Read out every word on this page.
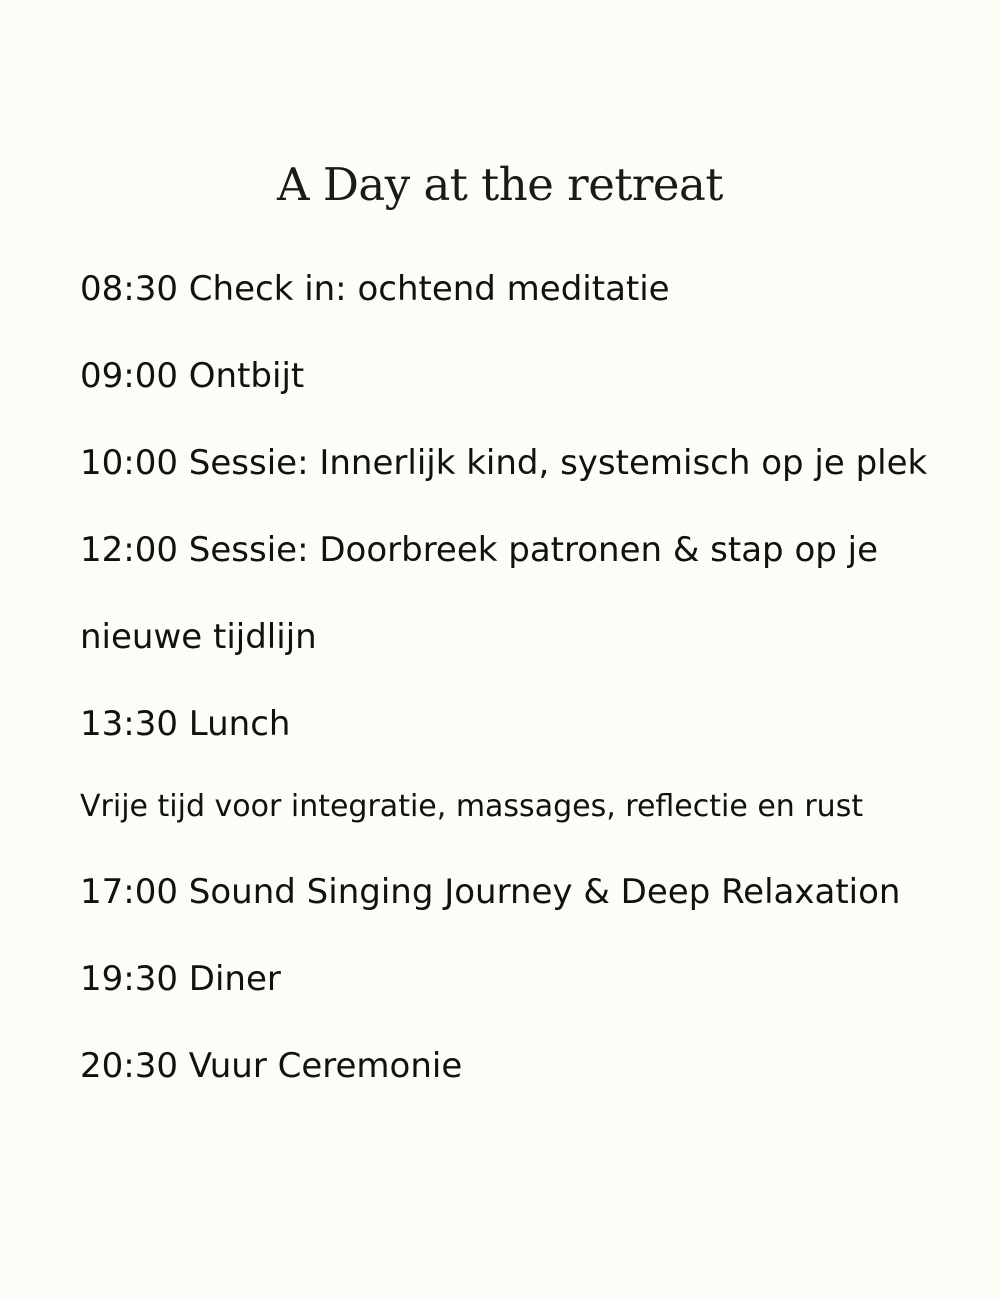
A Day at the retreat
08:30 Check in: ochtend meditatie
09:00 Ontbijt
10:00 Sessie: Innerlijk kind, systemisch op je plek
12:00 Sessie: Doorbreek patronen & stap op je
nieuwe tijdlijn
13:30 Lunch
Vrije tijd voor integratie, massages, reflectie en rust
17:00 Sound Singing Journey & Deep Relaxation
19:30 Diner
20:30 Vuur Ceremonie
